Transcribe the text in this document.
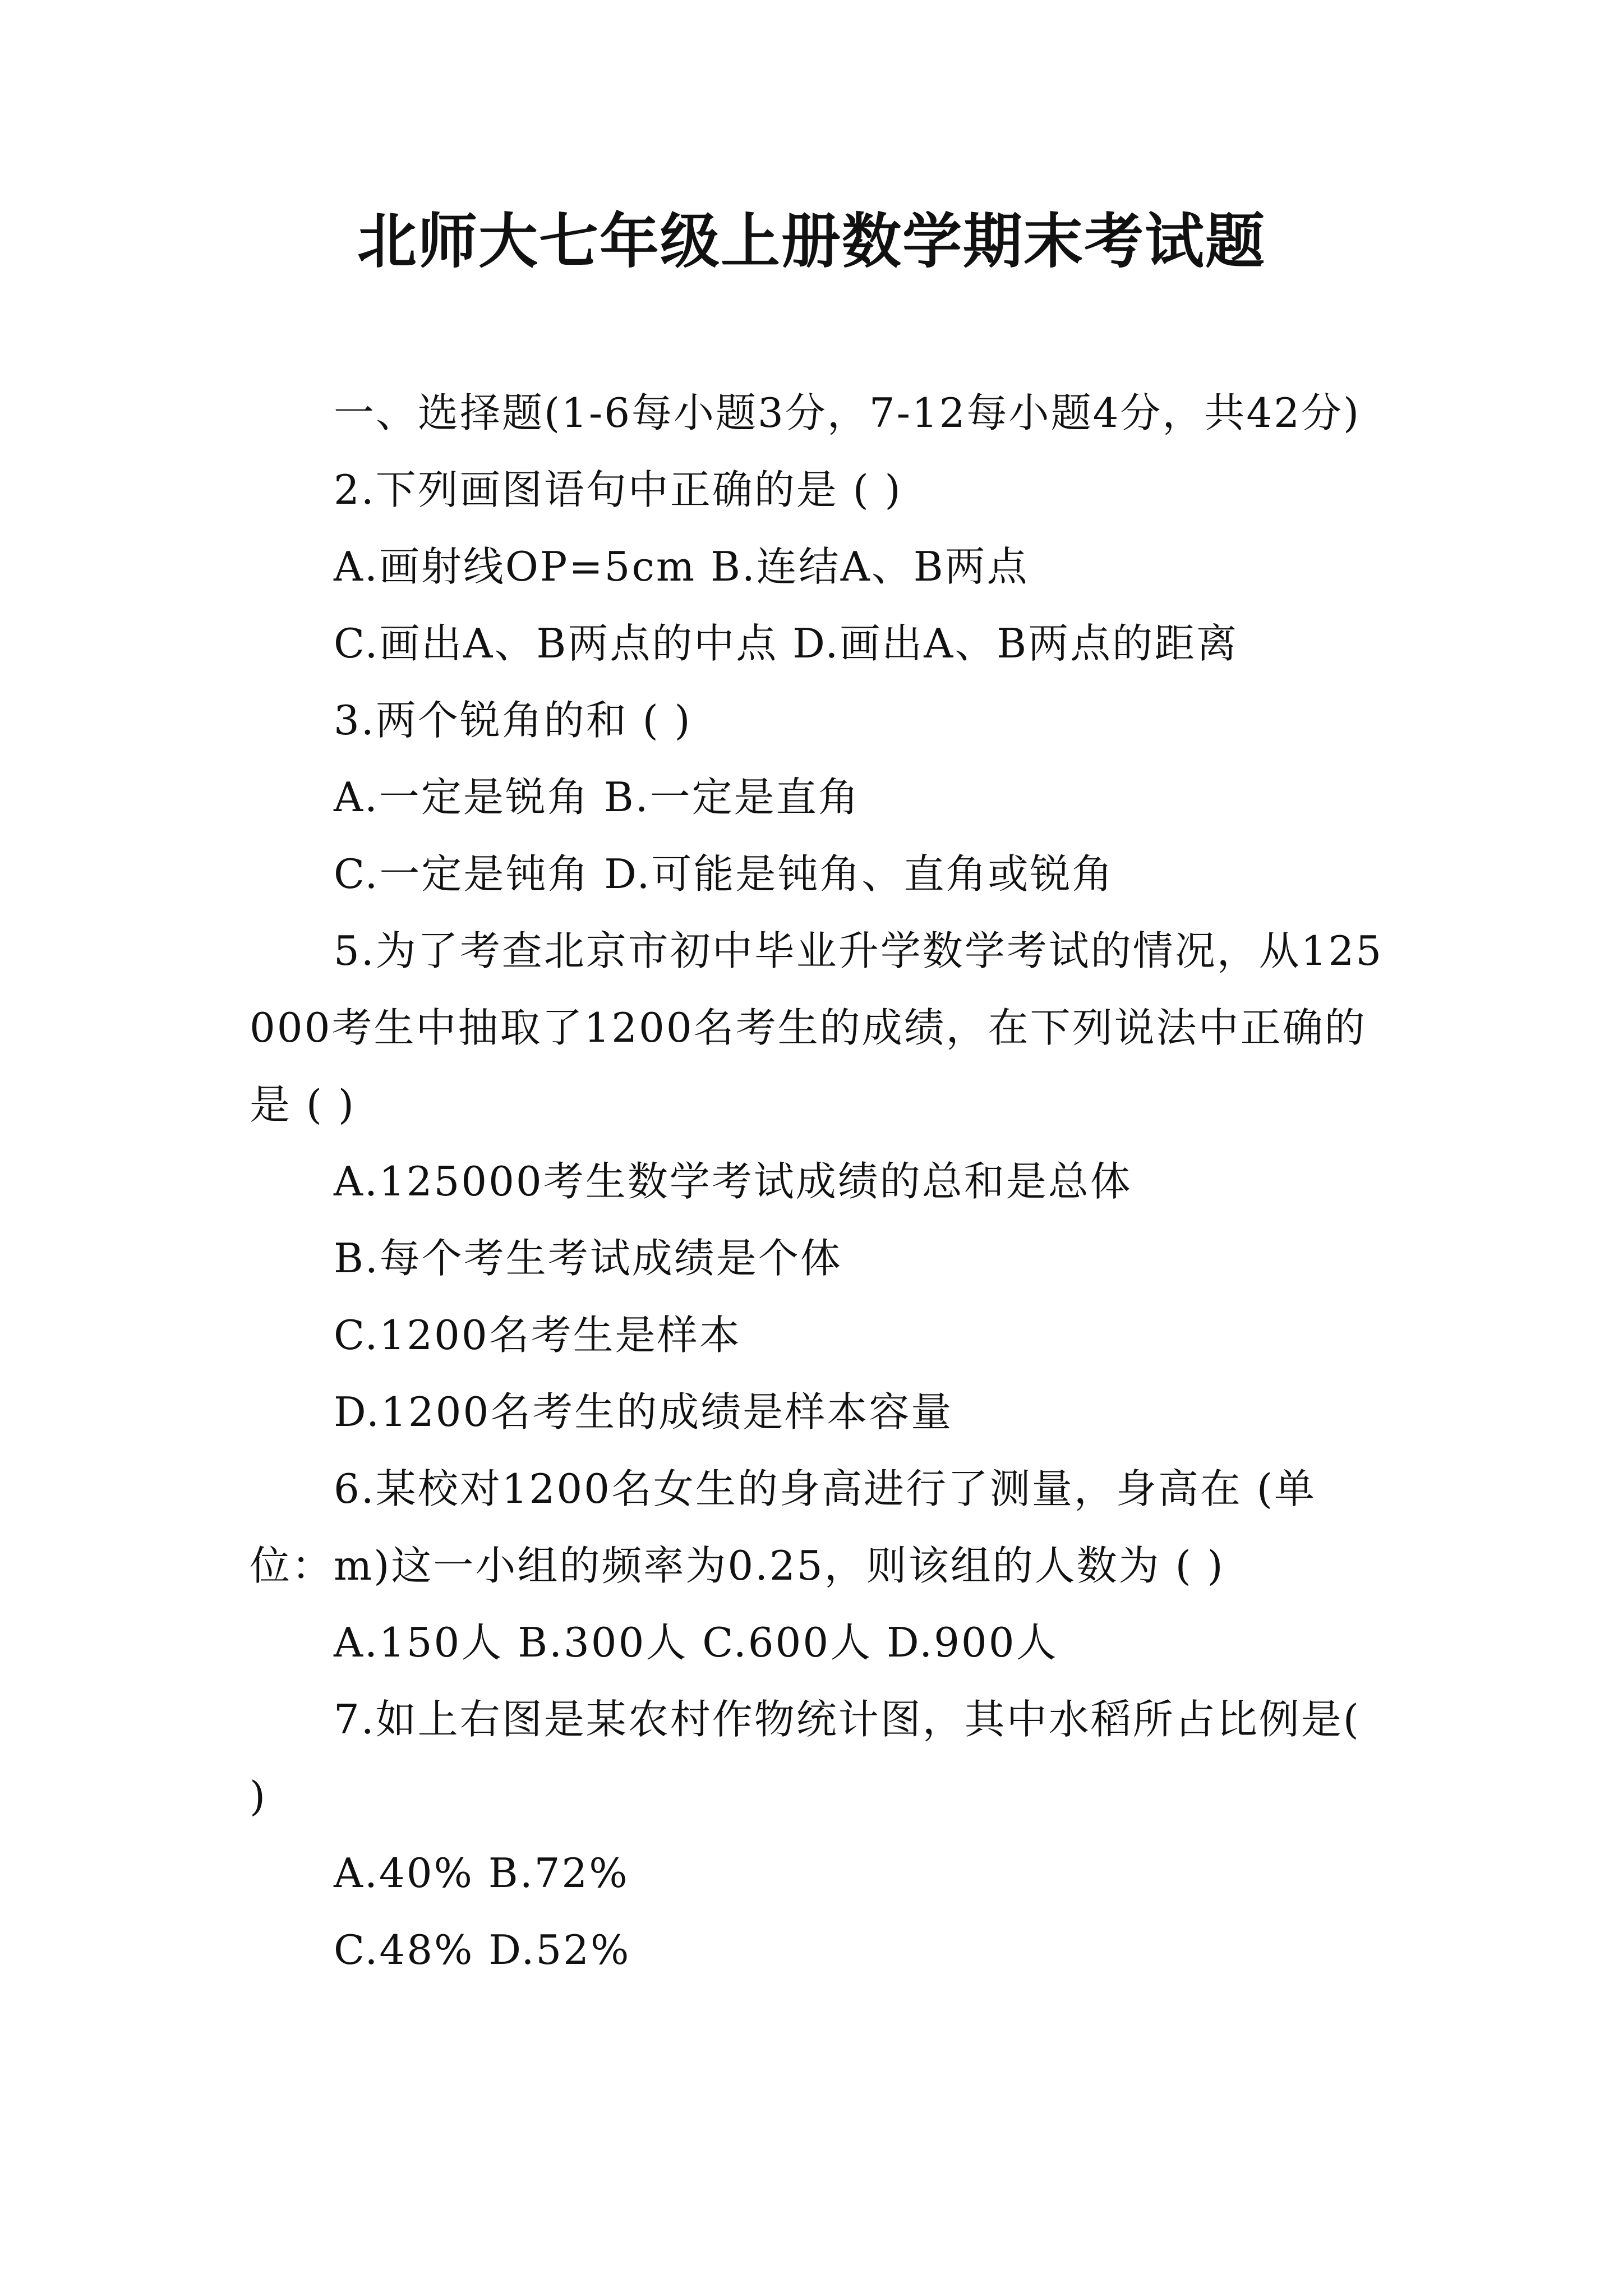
北师大七年级上册数学期末考试题

一、选择题(1-6每小题3分，7-12每小题4分，共42分)

2.下列画图语句中正确的是 ( )

A.画射线OP=5cm B.连结A、B两点

C.画出A、B两点的中点 D.画出A、B两点的距离

3.两个锐角的和 ( )

A.一定是锐角 B.一定是直角

C.一定是钝角 D.可能是钝角、直角或锐角

5.为了考查北京市初中毕业升学数学考试的情况，从125000考生中抽取了1200名考生的成绩，在下列说法中正确的是 ( )

A.125000考生数学考试成绩的总和是总体

B.每个考生考试成绩是个体

C.1200名考生是样本

D.1200名考生的成绩是样本容量

6.某校对1200名女生的身高进行了测量，身高在 (单位：m)这一小组的频率为0.25，则该组的人数为 ( )

A.150人 B.300人 C.600人 D.900人

7.如上右图是某农村作物统计图，其中水稻所占比例是( )

A.40% B.72%

C.48% D.52%
